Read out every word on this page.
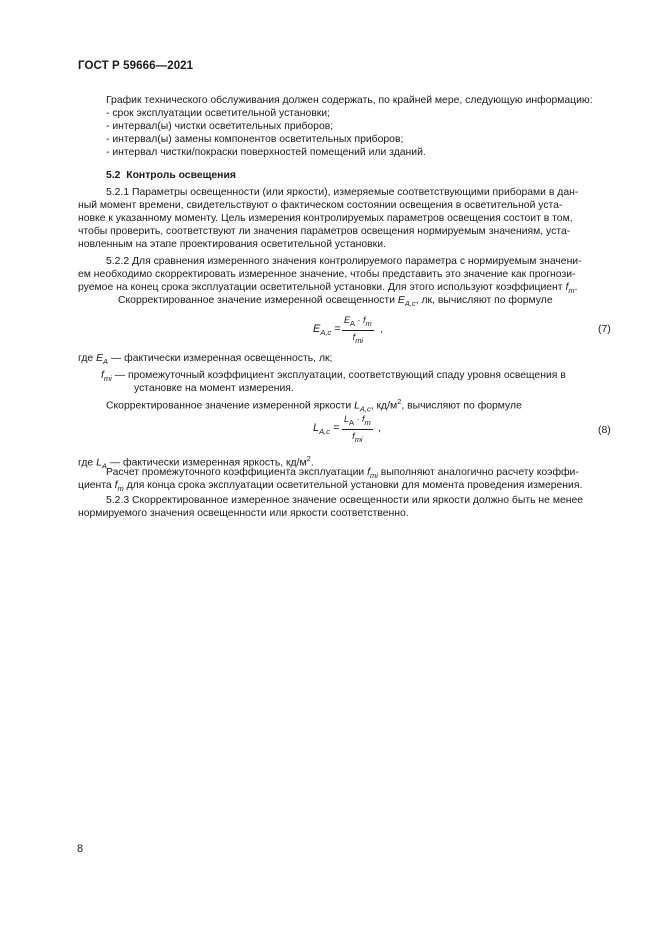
ГОСТ Р 59666—2021
График технического обслуживания должен содержать, по крайней мере, следующую информацию:
- срок эксплуатации осветительной установки;
- интервал(ы) чистки осветительных приборов;
- интервал(ы) замены компонентов осветительных приборов;
- интервал чистки/покраски поверхностей помещений или зданий.
5.2 Контроль освещения
5.2.1 Параметры освещенности (или яркости), измеряемые соответствующими приборами в дан-
ный момент времени, свидетельствуют о фактическом состоянии освещения в осветительной уста-
новке к указанному моменту. Цель измерения контролируемых параметров освещения состоит в том,
чтобы проверить, соответствуют ли значения параметров освещения нормируемым значениям, уста-
новленным на этапе проектирования осветительной установки.
5.2.2 Для сравнения измеренного значения контролируемого параметра с нормируемым значени-
ем необходимо скорректировать измеренное значение, чтобы представить это значение как прогнози-
руемое на конец срока эксплуатации осветительной установки. Для этого используют коэффициент $f_m$.
Скорректированное значение измеренной освещенности $E_{A,c}$, лк, вычисляют по формуле
$E_{A,c}$ =
$E_A \cdot f_m$
$f_{mi}$
,	(7)
где $E_A$ — фактически измеренная освещенность, лк;
$f_{mi}$ — промежуточный коэффициент эксплуатации, соответствующий спаду уровня освещения в
установке на момент измерения.
Скорректированное значение измеренной яркости $L_{A,c}$, $кд/м^2$, вычисляют по формуле
$L_{A,c}$ =
$L_A \cdot f_m$
$f_{mi}$
,	(8)
где $L_A$ — фактически измеренная яркость, $кд/м^2$.
Расчет промежуточного коэффициента эксплуатации $f_{mi}$ выполняют аналогично расчету коэффи-
циента $f_m$ для конца срока эксплуатации осветительной установки для момента проведения измерения.
5.2.3 Скорректированное измеренное значение освещенности или яркости должно быть не менее
нормируемого значения освещенности или яркости соответственно.
8
